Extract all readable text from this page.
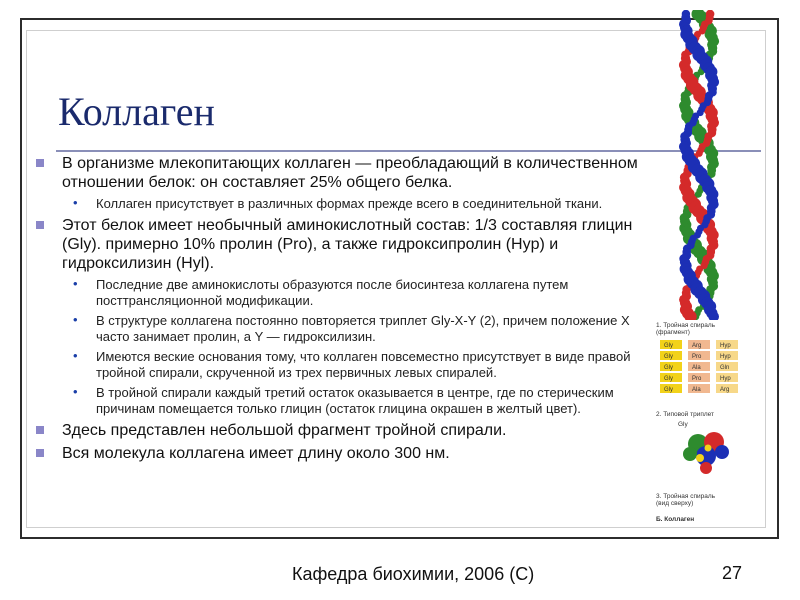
Коллаген
В организме млекопитающих коллаген — преобладающий в количественном отношении белок: он составляет 25% общего белка.
• Коллаген присутствует в различных формах прежде всего в соединительной ткани.
Этот белок имеет необычный аминокислотный состав: 1/3 составляя глицин (Gly). примерно 10% пролин (Pro), а также гидроксипролин (Hyp) и гидроксилизин (Hyl).
• Последние две аминокислоты образуются после биосинтеза коллагена путем посттрансляционной модификации.
• В структуре коллагена постоянно повторяется триплет Gly-X-Y (2), причем положение X часто занимает пролин, а Y — гидроксилизин.
• Имеются веские основания тому, что коллаген повсеместно присутствует в виде правой тройной спирали, скрученной из трех первичных левых спиралей.
• В тройной спирали каждый третий остаток оказывается в центре, где по стерическим причинам помещается только глицин (остаток глицина окрашен в желтый цвет).
Здесь представлен небольшой фрагмент тройной спирали.
Вся молекула коллагена имеет длину около 300 нм.
1. Тройная спираль
(фрагмент)
Gly
Gly
Gly
Gly
Gly
Arg
Pro
Ala
Pro
Ala
Hyp
Hyp
Gln
Hyp
Arg
2. Типовой триплет
Gly
3. Тройная спираль
(вид сверху)
Б. Коллаген
Кафедра биохимии, 2006 (С)	27
